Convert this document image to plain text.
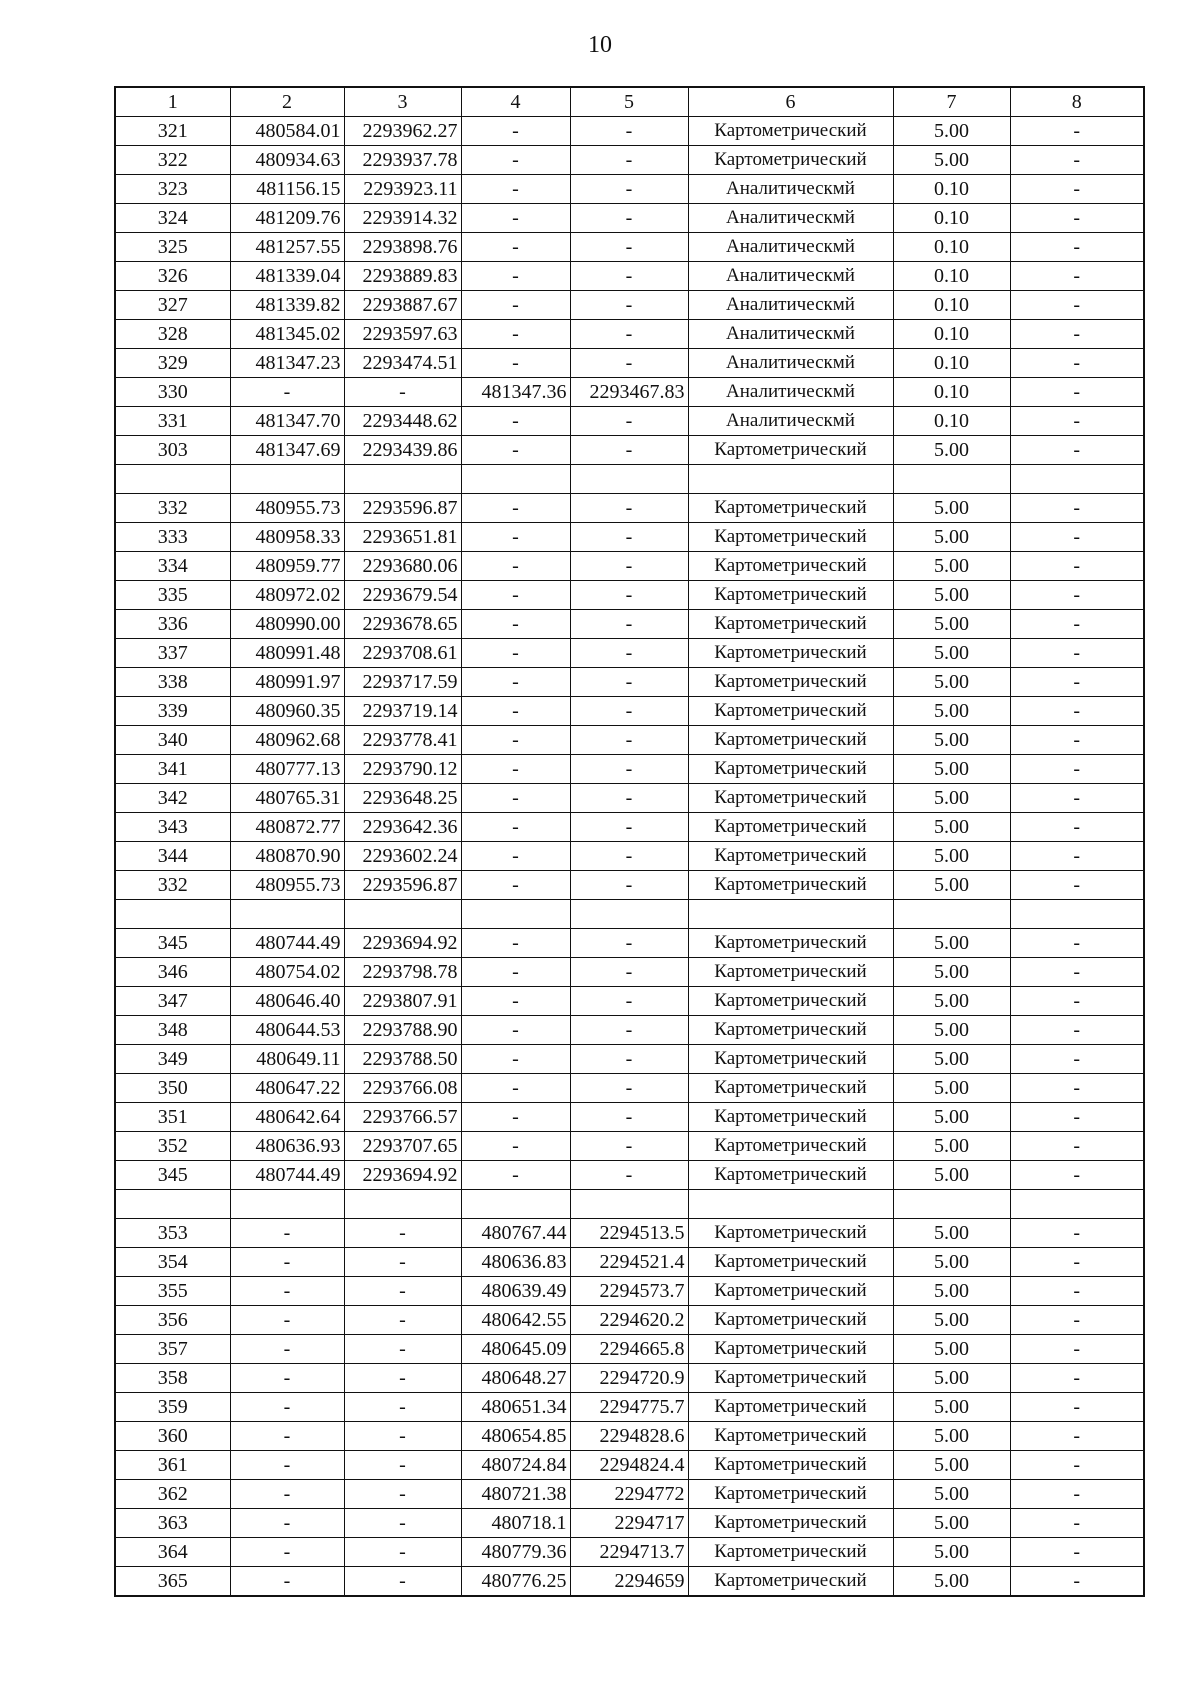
10
1	2	3	4	5	6	7	8
321	480584.01	2293962.27	-	-	Картометрический	5.00	-
322	480934.63	2293937.78	-	-	Картометрический	5.00	-
323	481156.15	2293923.11	-	-	Аналитическмй	0.10	-
324	481209.76	2293914.32	-	-	Аналитическмй	0.10	-
325	481257.55	2293898.76	-	-	Аналитическмй	0.10	-
326	481339.04	2293889.83	-	-	Аналитическмй	0.10	-
327	481339.82	2293887.67	-	-	Аналитическмй	0.10	-
328	481345.02	2293597.63	-	-	Аналитическмй	0.10	-
329	481347.23	2293474.51	-	-	Аналитическмй	0.10	-
330	-	-	481347.36	2293467.83	Аналитическмй	0.10	-
331	481347.70	2293448.62	-	-	Аналитическмй	0.10	-
303	481347.69	2293439.86	-	-	Картометрический	5.00	-

332	480955.73	2293596.87	-	-	Картометрический	5.00	-
333	480958.33	2293651.81	-	-	Картометрический	5.00	-
334	480959.77	2293680.06	-	-	Картометрический	5.00	-
335	480972.02	2293679.54	-	-	Картометрический	5.00	-
336	480990.00	2293678.65	-	-	Картометрический	5.00	-
337	480991.48	2293708.61	-	-	Картометрический	5.00	-
338	480991.97	2293717.59	-	-	Картометрический	5.00	-
339	480960.35	2293719.14	-	-	Картометрический	5.00	-
340	480962.68	2293778.41	-	-	Картометрический	5.00	-
341	480777.13	2293790.12	-	-	Картометрический	5.00	-
342	480765.31	2293648.25	-	-	Картометрический	5.00	-
343	480872.77	2293642.36	-	-	Картометрический	5.00	-
344	480870.90	2293602.24	-	-	Картометрический	5.00	-
332	480955.73	2293596.87	-	-	Картометрический	5.00	-

345	480744.49	2293694.92	-	-	Картометрический	5.00	-
346	480754.02	2293798.78	-	-	Картометрический	5.00	-
347	480646.40	2293807.91	-	-	Картометрический	5.00	-
348	480644.53	2293788.90	-	-	Картометрический	5.00	-
349	480649.11	2293788.50	-	-	Картометрический	5.00	-
350	480647.22	2293766.08	-	-	Картометрический	5.00	-
351	480642.64	2293766.57	-	-	Картометрический	5.00	-
352	480636.93	2293707.65	-	-	Картометрический	5.00	-
345	480744.49	2293694.92	-	-	Картометрический	5.00	-

353	-	-	480767.44	2294513.5	Картометрический	5.00	-
354	-	-	480636.83	2294521.4	Картометрический	5.00	-
355	-	-	480639.49	2294573.7	Картометрический	5.00	-
356	-	-	480642.55	2294620.2	Картометрический	5.00	-
357	-	-	480645.09	2294665.8	Картометрический	5.00	-
358	-	-	480648.27	2294720.9	Картометрический	5.00	-
359	-	-	480651.34	2294775.7	Картометрический	5.00	-
360	-	-	480654.85	2294828.6	Картометрический	5.00	-
361	-	-	480724.84	2294824.4	Картометрический	5.00	-
362	-	-	480721.38	2294772	Картометрический	5.00	-
363	-	-	480718.1	2294717	Картометрический	5.00	-
364	-	-	480779.36	2294713.7	Картометрический	5.00	-
365	-	-	480776.25	2294659	Картометрический	5.00	-
